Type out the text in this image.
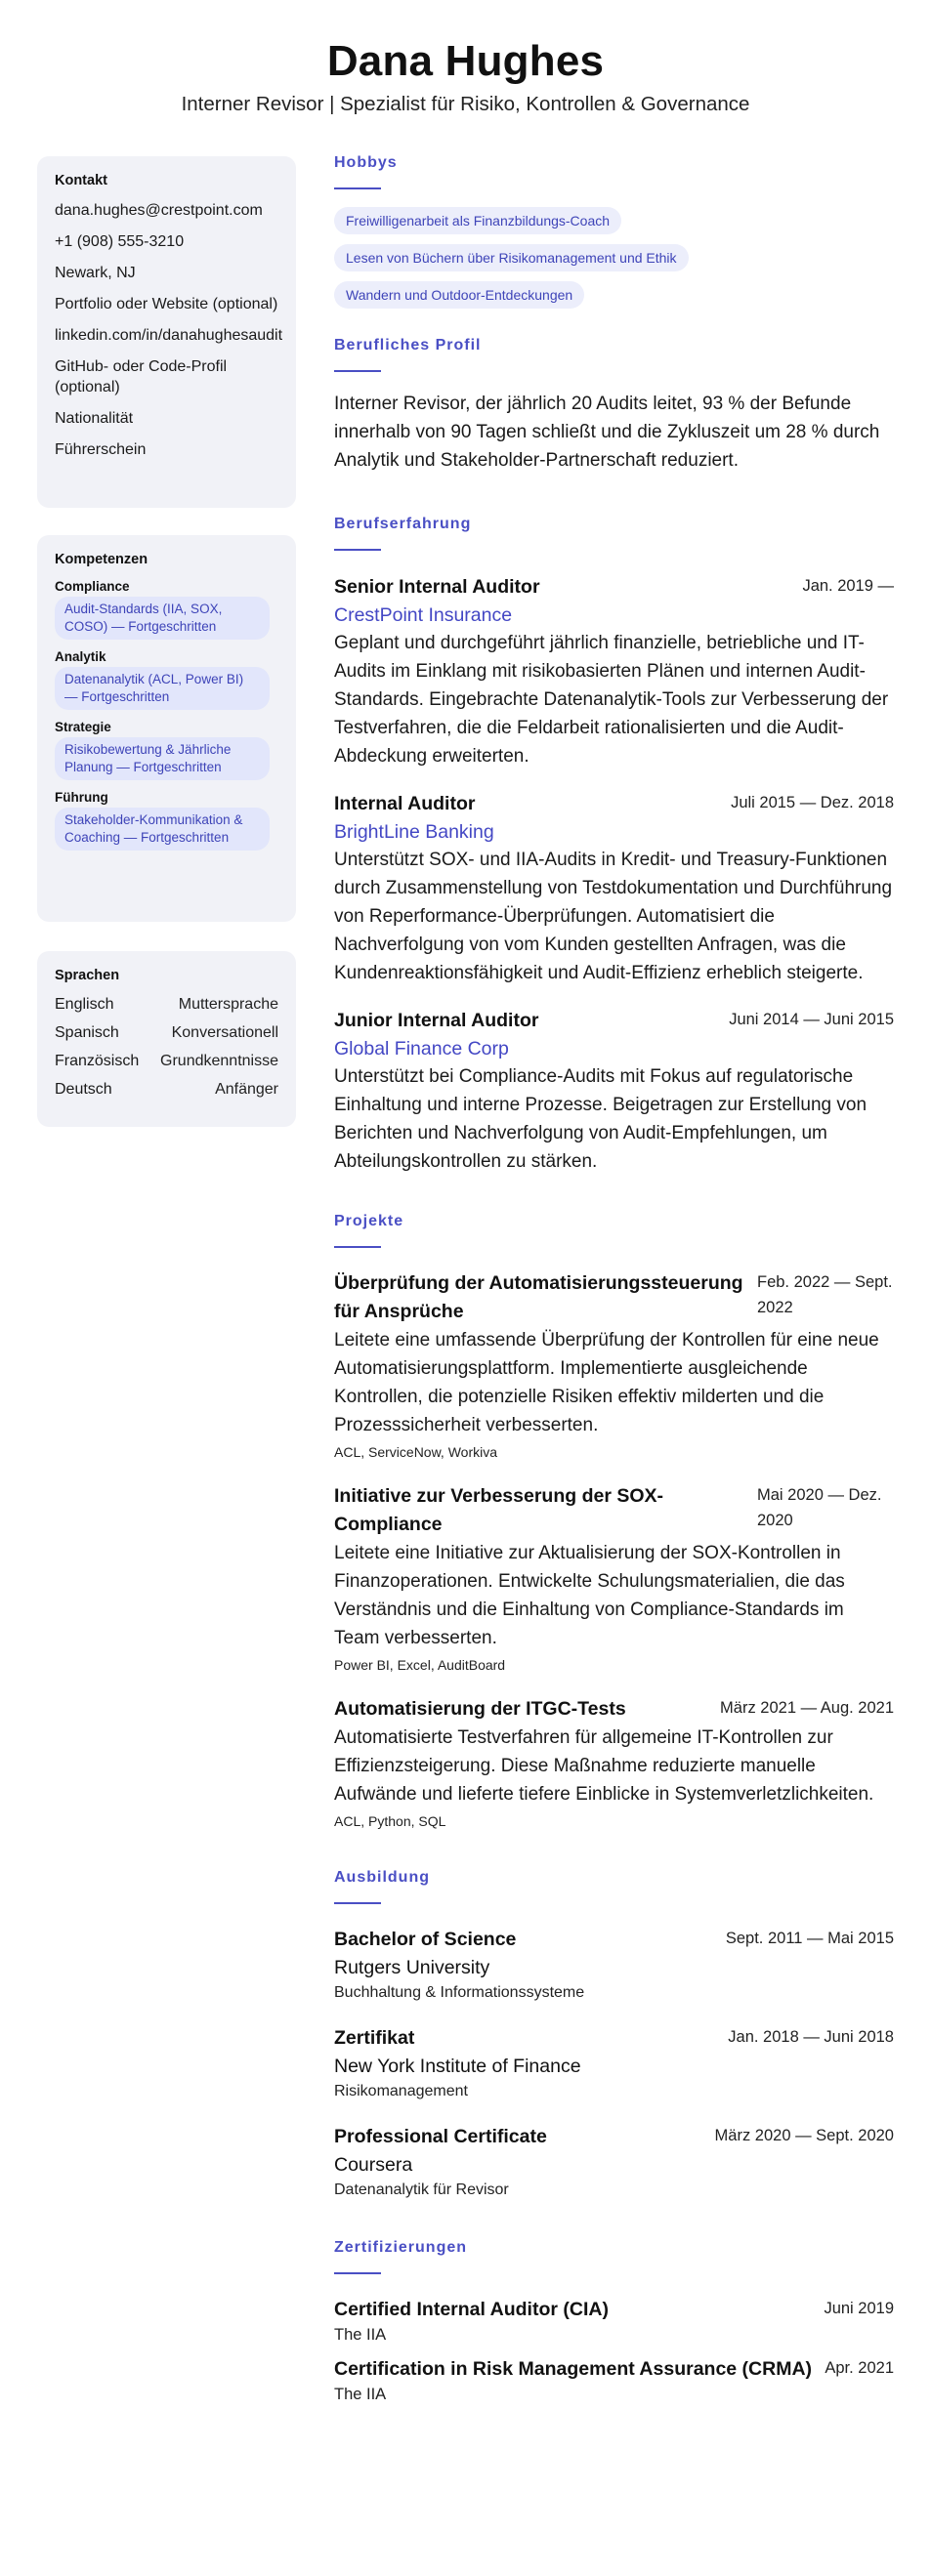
Dana Hughes
Interner Revisor | Spezialist für Risiko, Kontrollen & Governance
Kontakt
dana.hughes@crestpoint.com
+1 (908) 555-3210
Newark, NJ
Portfolio oder Website (optional)
linkedin.com/in/danahughesaudit
GitHub- oder Code-Profil (optional)
Nationalität
Führerschein
Kompetenzen
Compliance
Audit-Standards (IIA, SOX, COSO) — Fortgeschritten
Analytik
Datenanalytik (ACL, Power BI) — Fortgeschritten
Strategie
Risikobewertung & Jährliche Planung — Fortgeschritten
Führung
Stakeholder-Kommunikation & Coaching — Fortgeschritten
Sprachen
Englisch	Muttersprache
Spanisch	Konversationell
Französisch Grundkenntnisse
Deutsch	Anfänger
Hobbys
Freiwilligenarbeit als Finanzbildungs-Coach
Lesen von Büchern über Risikomanagement und Ethik
Wandern und Outdoor-Entdeckungen
Berufliches Profil
Interner Revisor, der jährlich 20 Audits leitet, 93 % der Befunde innerhalb von 90 Tagen schließt und die Zykluszeit um 28 % durch Analytik und Stakeholder-Partnerschaft reduziert.
Berufserfahrung
Senior Internal Auditor	Jan. 2019 —
CrestPoint Insurance
Geplant und durchgeführt jährlich finanzielle, betriebliche und IT-Audits im Einklang mit risikobasierten Plänen und internen Audit-Standards. Eingebrachte Datenanalytik-Tools zur Verbesserung der Testverfahren, die die Feldarbeit rationalisierten und die Audit-Abdeckung erweiterten.
Internal Auditor	Juli 2015 — Dez. 2018
BrightLine Banking
Unterstützt SOX- und IIA-Audits in Kredit- und Treasury-Funktionen durch Zusammenstellung von Testdokumentation und Durchführung von Reperformance-Überprüfungen. Automatisiert die Nachverfolgung von vom Kunden gestellten Anfragen, was die Kundenreaktionsfähigkeit und Audit-Effizienz erheblich steigerte.
Junior Internal Auditor	Juni 2014 — Juni 2015
Global Finance Corp
Unterstützt bei Compliance-Audits mit Fokus auf regulatorische Einhaltung und interne Prozesse. Beigetragen zur Erstellung von Berichten und Nachverfolgung von Audit-Empfehlungen, um Abteilungskontrollen zu stärken.
Projekte
Überprüfung der Automatisierungssteuerung für Ansprüche
Feb. 2022 — Sept. 2022
Leitete eine umfassende Überprüfung der Kontrollen für eine neue Automatisierungsplattform. Implementierte ausgleichende Kontrollen, die potenzielle Risiken effektiv milderten und die Prozesssicherheit verbesserten.
ACL, ServiceNow, Workiva
Initiative zur Verbesserung der SOX-Compliance
Mai 2020 — Dez. 2020
Leitete eine Initiative zur Aktualisierung der SOX-Kontrollen in Finanzoperationen. Entwickelte Schulungsmaterialien, die das Verständnis und die Einhaltung von Compliance-Standards im Team verbesserten.
Power BI, Excel, AuditBoard
Automatisierung der ITGC-Tests	März 2021 — Aug. 2021
Automatisierte Testverfahren für allgemeine IT-Kontrollen zur Effizienzsteigerung. Diese Maßnahme reduzierte manuelle Aufwände und lieferte tiefere Einblicke in Systemverletzlichkeiten.
ACL, Python, SQL
Ausbildung
Bachelor of Science	Sept. 2011 — Mai 2015
Rutgers University
Buchhaltung & Informationssysteme
Zertifikat	Jan. 2018 — Juni 2018
New York Institute of Finance
Risikomanagement
Professional Certificate	März 2020 — Sept. 2020
Coursera
Datenanalytik für Revisor
Zertifizierungen
Certified Internal Auditor (CIA)	Juni 2019
The IIA
Certification in Risk Management Assurance (CRMA) Apr. 2021
The IIA
